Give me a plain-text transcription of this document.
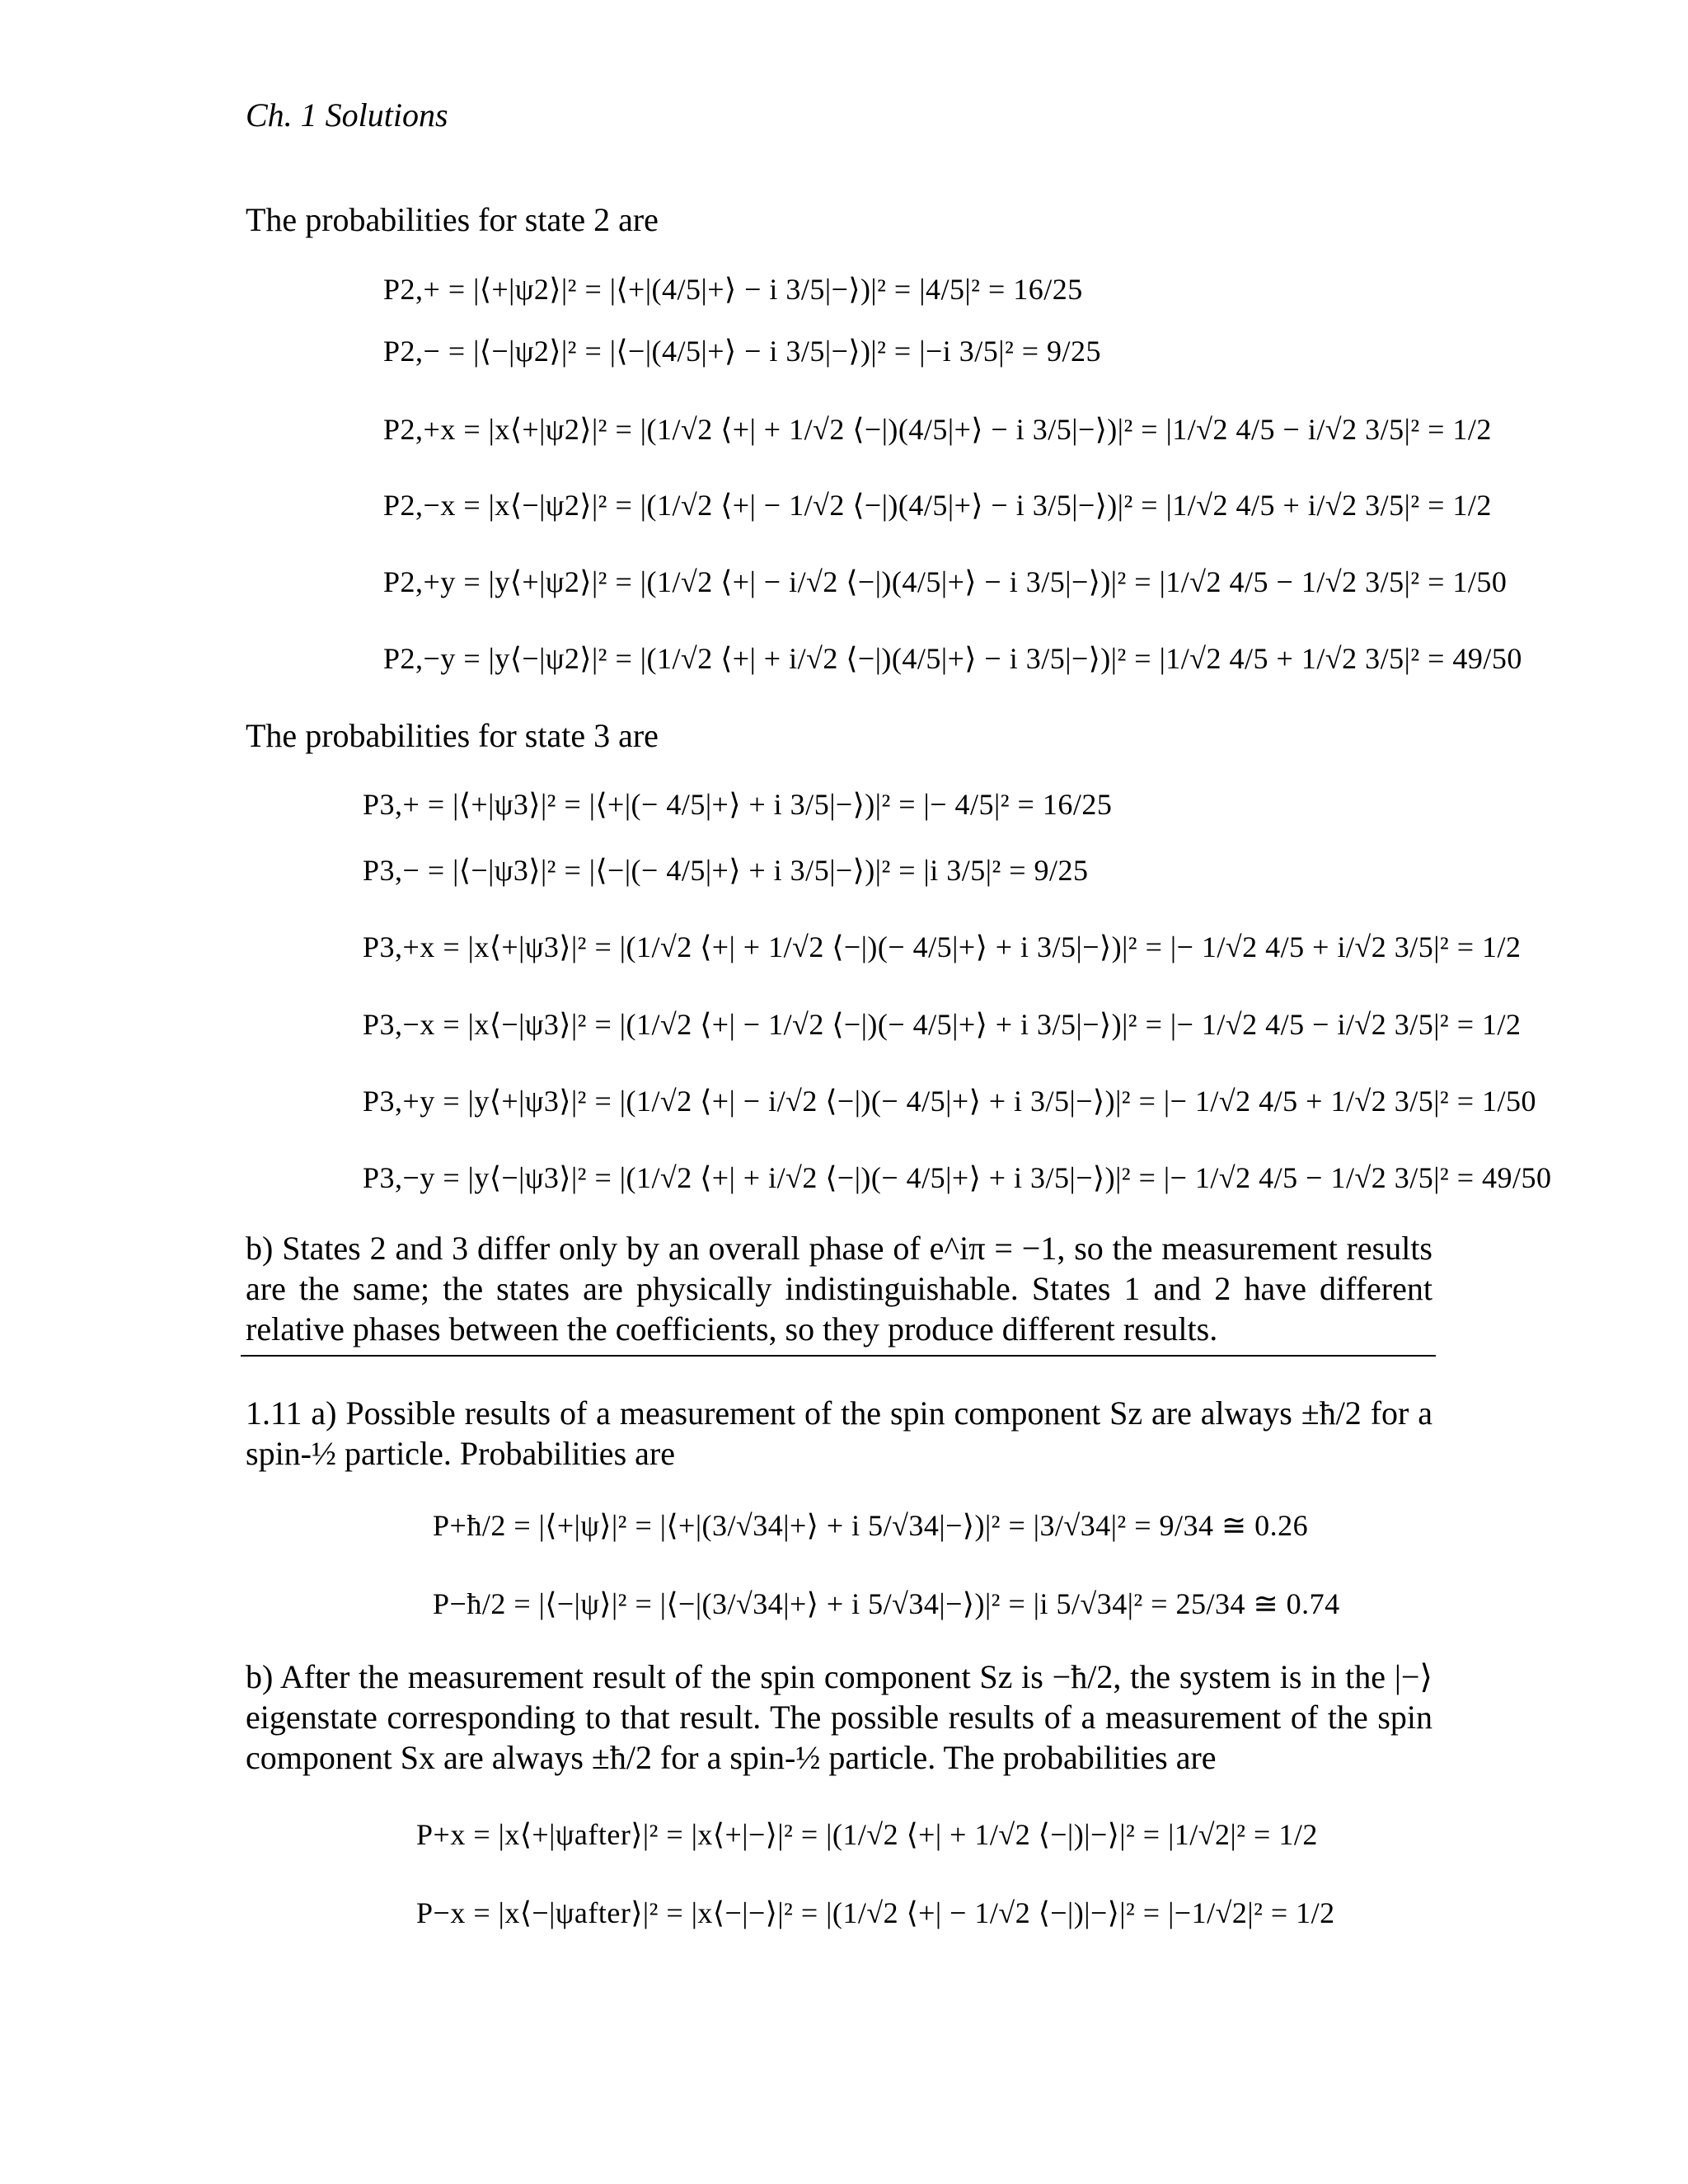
Ch. 1 Solutions
The probabilities for state 2 are
P2,+ = |⟨+|ψ2⟩|² = |⟨+|(4/5|+⟩ − i 3/5|−⟩)|² = |4/5|² = 16/25
P2,− = |⟨−|ψ2⟩|² = |⟨−|(4/5|+⟩ − i 3/5|−⟩)|² = |−i 3/5|² = 9/25
P2,+x = |x⟨+|ψ2⟩|² = |(1/√2 ⟨+| + 1/√2 ⟨−|)(4/5|+⟩ − i 3/5|−⟩)|² = |1/√2 4/5 − i/√2 3/5|² = 1/2
P2,−x = |x⟨−|ψ2⟩|² = |(1/√2 ⟨+| − 1/√2 ⟨−|)(4/5|+⟩ − i 3/5|−⟩)|² = |1/√2 4/5 + i/√2 3/5|² = 1/2
P2,+y = |y⟨+|ψ2⟩|² = |(1/√2 ⟨+| − i/√2 ⟨−|)(4/5|+⟩ − i 3/5|−⟩)|² = |1/√2 4/5 − 1/√2 3/5|² = 1/50
P2,−y = |y⟨−|ψ2⟩|² = |(1/√2 ⟨+| + i/√2 ⟨−|)(4/5|+⟩ − i 3/5|−⟩)|² = |1/√2 4/5 + 1/√2 3/5|² = 49/50
The probabilities for state 3 are
P3,+ = |⟨+|ψ3⟩|² = |⟨+|(− 4/5|+⟩ + i 3/5|−⟩)|² = |− 4/5|² = 16/25
P3,− = |⟨−|ψ3⟩|² = |⟨−|(− 4/5|+⟩ + i 3/5|−⟩)|² = |i 3/5|² = 9/25
P3,+x = |x⟨+|ψ3⟩|² = |(1/√2 ⟨+| + 1/√2 ⟨−|)(− 4/5|+⟩ + i 3/5|−⟩)|² = |− 1/√2 4/5 + i/√2 3/5|² = 1/2
P3,−x = |x⟨−|ψ3⟩|² = |(1/√2 ⟨+| − 1/√2 ⟨−|)(− 4/5|+⟩ + i 3/5|−⟩)|² = |− 1/√2 4/5 − i/√2 3/5|² = 1/2
P3,+y = |y⟨+|ψ3⟩|² = |(1/√2 ⟨+| − i/√2 ⟨−|)(− 4/5|+⟩ + i 3/5|−⟩)|² = |− 1/√2 4/5 + 1/√2 3/5|² = 1/50
P3,−y = |y⟨−|ψ3⟩|² = |(1/√2 ⟨+| + i/√2 ⟨−|)(− 4/5|+⟩ + i 3/5|−⟩)|² = |− 1/√2 4/5 − 1/√2 3/5|² = 49/50
b) States 2 and 3 differ only by an overall phase of e^iπ = −1, so the measurement results are the same; the states are physically indistinguishable. States 1 and 2 have different relative phases between the coefficients, so they produce different results.
1.11 a) Possible results of a measurement of the spin component Sz are always ±ħ/2 for a spin-½ particle. Probabilities are
P+ħ/2 = |⟨+|ψ⟩|² = |⟨+|(3/√34|+⟩ + i 5/√34|−⟩)|² = |3/√34|² = 9/34 ≅ 0.26
P−ħ/2 = |⟨−|ψ⟩|² = |⟨−|(3/√34|+⟩ + i 5/√34|−⟩)|² = |i 5/√34|² = 25/34 ≅ 0.74
b) After the measurement result of the spin component Sz is −ħ/2, the system is in the |−⟩ eigenstate corresponding to that result. The possible results of a measurement of the spin component Sx are always ±ħ/2 for a spin-½ particle. The probabilities are
P+x = |x⟨+|ψafter⟩|² = |x⟨+|−⟩|² = |(1/√2 ⟨+| + 1/√2 ⟨−|)|−⟩|² = |1/√2|² = 1/2
P−x = |x⟨−|ψafter⟩|² = |x⟨−|−⟩|² = |(1/√2 ⟨+| − 1/√2 ⟨−|)|−⟩|² = |−1/√2|² = 1/2
